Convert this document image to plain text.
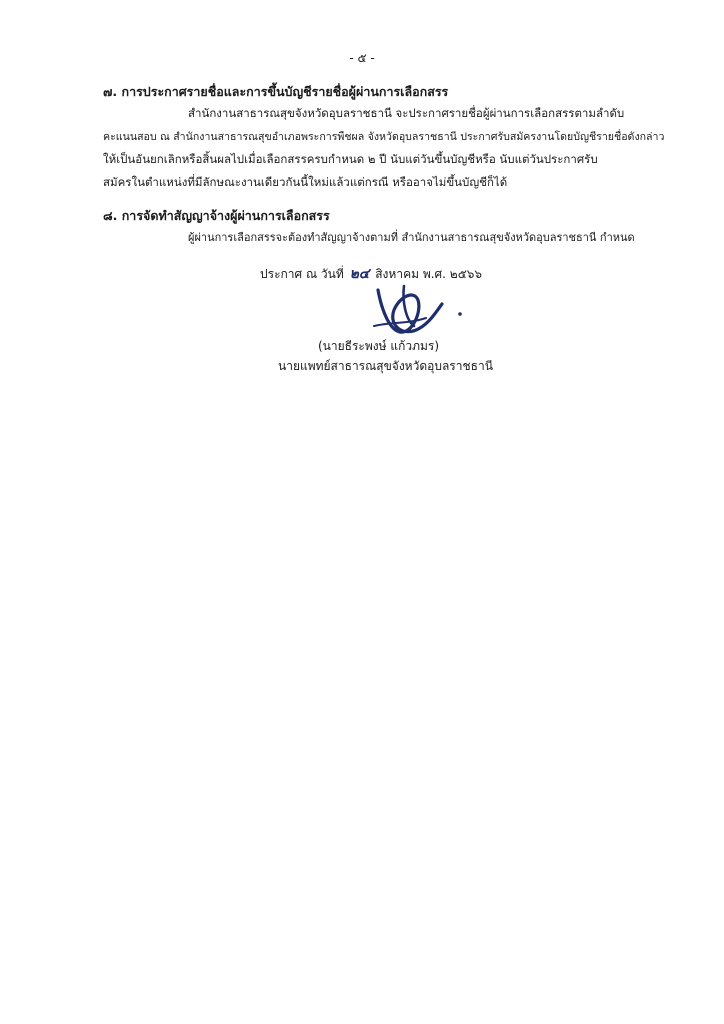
- ๕ -
๗. การประกาศรายชื่อและการขึ้นบัญชีรายชื่อผู้ผ่านการเลือกสรร
สำนักงานสาธารณสุขจังหวัดอุบลราชธานี จะประกาศรายชื่อผู้ผ่านการเลือกสรรตามลำดับ
คะแนนสอบ ณ สำนักงานสาธารณสุขอำเภอพระการพืชผล จังหวัดอุบลราชธานี ประกาศรับสมัครงานโดยบัญชีรายชื่อดังกล่าว
ให้เป็นอันยกเลิกหรือสิ้นผลไปเมื่อเลือกสรรครบกำหนด ๒ ปี นับแต่วันขึ้นบัญชีหรือ นับแต่วันประกาศรับ
สมัครในตำแหน่งที่มีลักษณะงานเดียวกันนี้ใหม่แล้วแต่กรณี หรืออาจไม่ขึ้นบัญชีก็ได้
๘. การจัดทำสัญญาจ้างผู้ผ่านการเลือกสรร
ผู้ผ่านการเลือกสรรจะต้องทำสัญญาจ้างตามที่ สำนักงานสาธารณสุขจังหวัดอุบลราชธานี กำหนด
ประกาศ ณ วันที่ ๒๔ สิงหาคม พ.ศ. ๒๕๖๖
(นายธีระพงษ์ แก้วภมร)
นายแพทย์สาธารณสุขจังหวัดอุบลราชธานี
